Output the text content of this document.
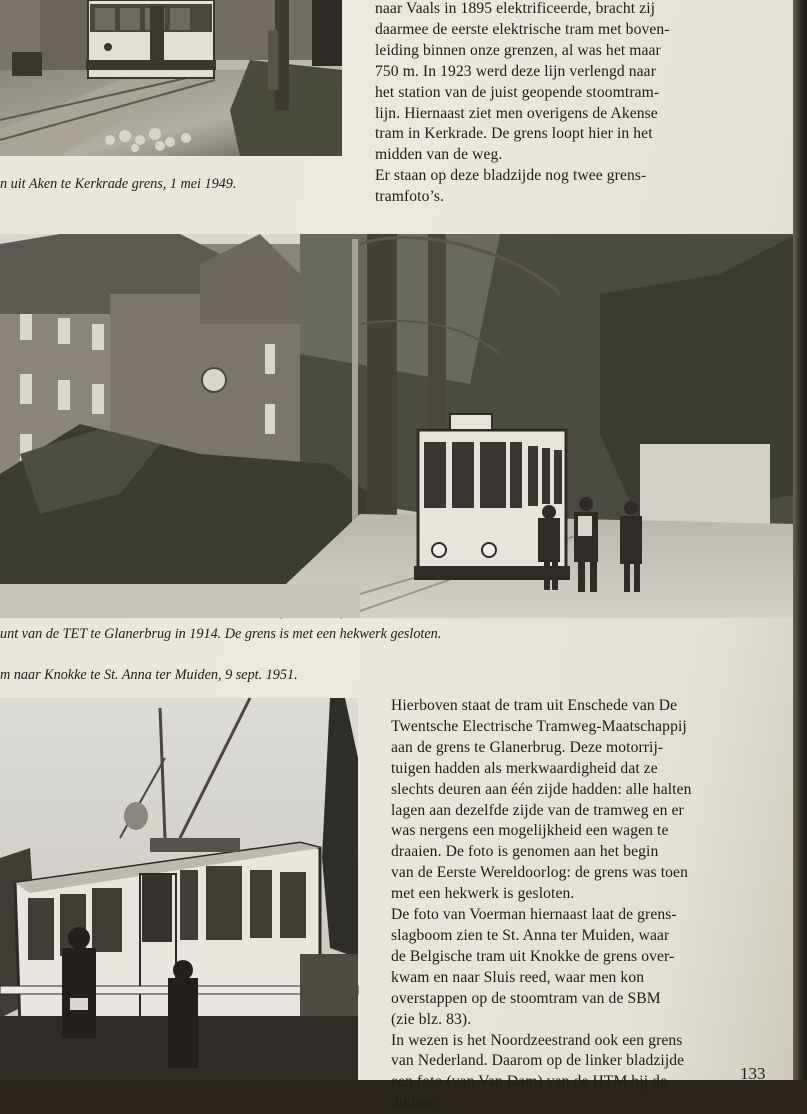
naar Vaals in 1895 elektrificeerde, bracht zij
daarmee de eerste elektrische tram met boven-
leiding binnen onze grenzen, al was het maar
750 m. In 1923 werd deze lijn verlengd naar
het station van de juist geopende stoomtram-
lijn. Hiernaast ziet men overigens de Akense
tram in Kerkrade. De grens loopt hier in het
midden van de weg.
Er staan op deze bladzijde nog twee grens-
tramfoto’s.
n uit Aken te Kerkrade grens, 1 mei 1949.
unt van de TET te Glanerbrug in 1914. De grens is met een hekwerk gesloten.
m naar Knokke te St. Anna ter Muiden, 9 sept. 1951.
Hierboven staat de tram uit Enschede van De
Twentsche Electrische Tramweg-Maatschappij
aan de grens te Glanerbrug. Deze motorrij-
tuigen hadden als merkwaardigheid dat ze
slechts deuren aan één zijde hadden: alle halten
lagen aan dezelfde zijde van de tramweg en er
was nergens een mogelijkheid een wagen te
draaien. De foto is genomen aan het begin
van de Eerste Wereldoorlog: de grens was toen
met een hekwerk is gesloten.
De foto van Voerman hiernaast laat de grens-
slagboom zien te St. Anna ter Muiden, waar
de Belgische tram uit Knokke de grens over-
kwam en naar Sluis reed, waar men kon
overstappen op de stoomtram van de SBM
(zie blz. 83).
In wezen is het Noordzeestrand ook een grens
van Nederland. Daarom op de linker bladzijde
een foto (van Van Dam) van de HTM bij de
duinen.
133
